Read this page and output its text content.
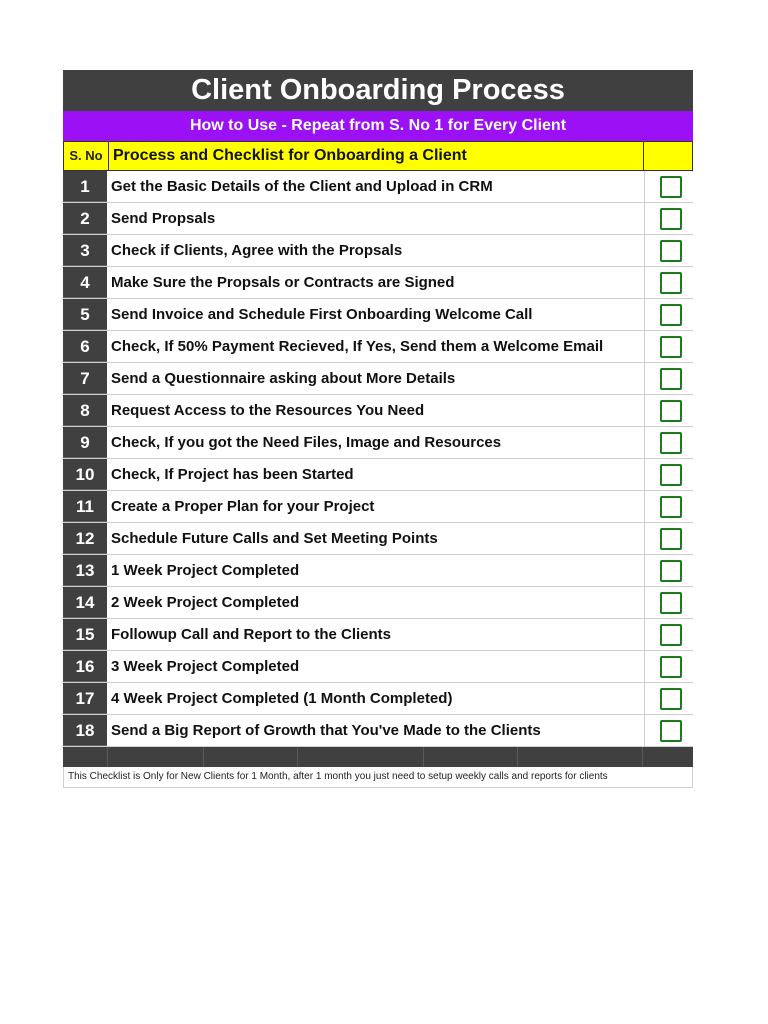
Client Onboarding Process
How to Use - Repeat from S. No 1 for Every Client
S. No Process and Checklist for Onboarding a Client
1	Get the Basic Details of the Client and Upload in CRM
2	Send Propsals
3	Check if Clients, Agree with the Propsals
4	Make Sure the Propsals or Contracts are Signed
5	Send Invoice and Schedule First Onboarding Welcome Call
6	Check, If 50% Payment Recieved, If Yes, Send them a Welcome Email
7	Send a Questionnaire asking about More Details
8	Request Access to the Resources You Need
9	Check, If you got the Need Files, Image and Resources
10	Check, If Project has been Started
11	Create a Proper Plan for your Project
12	Schedule Future Calls and Set Meeting Points
13	1 Week Project Completed
14	2 Week Project Completed
15	Followup Call and Report to the Clients
16	3 Week Project Completed
17	4 Week Project Completed (1 Month Completed)
18	Send a Big Report of Growth that You've Made to the Clients
This Checklist is Only for New Clients for 1 Month, after 1 month you just need to setup weekly calls and reports for clients
